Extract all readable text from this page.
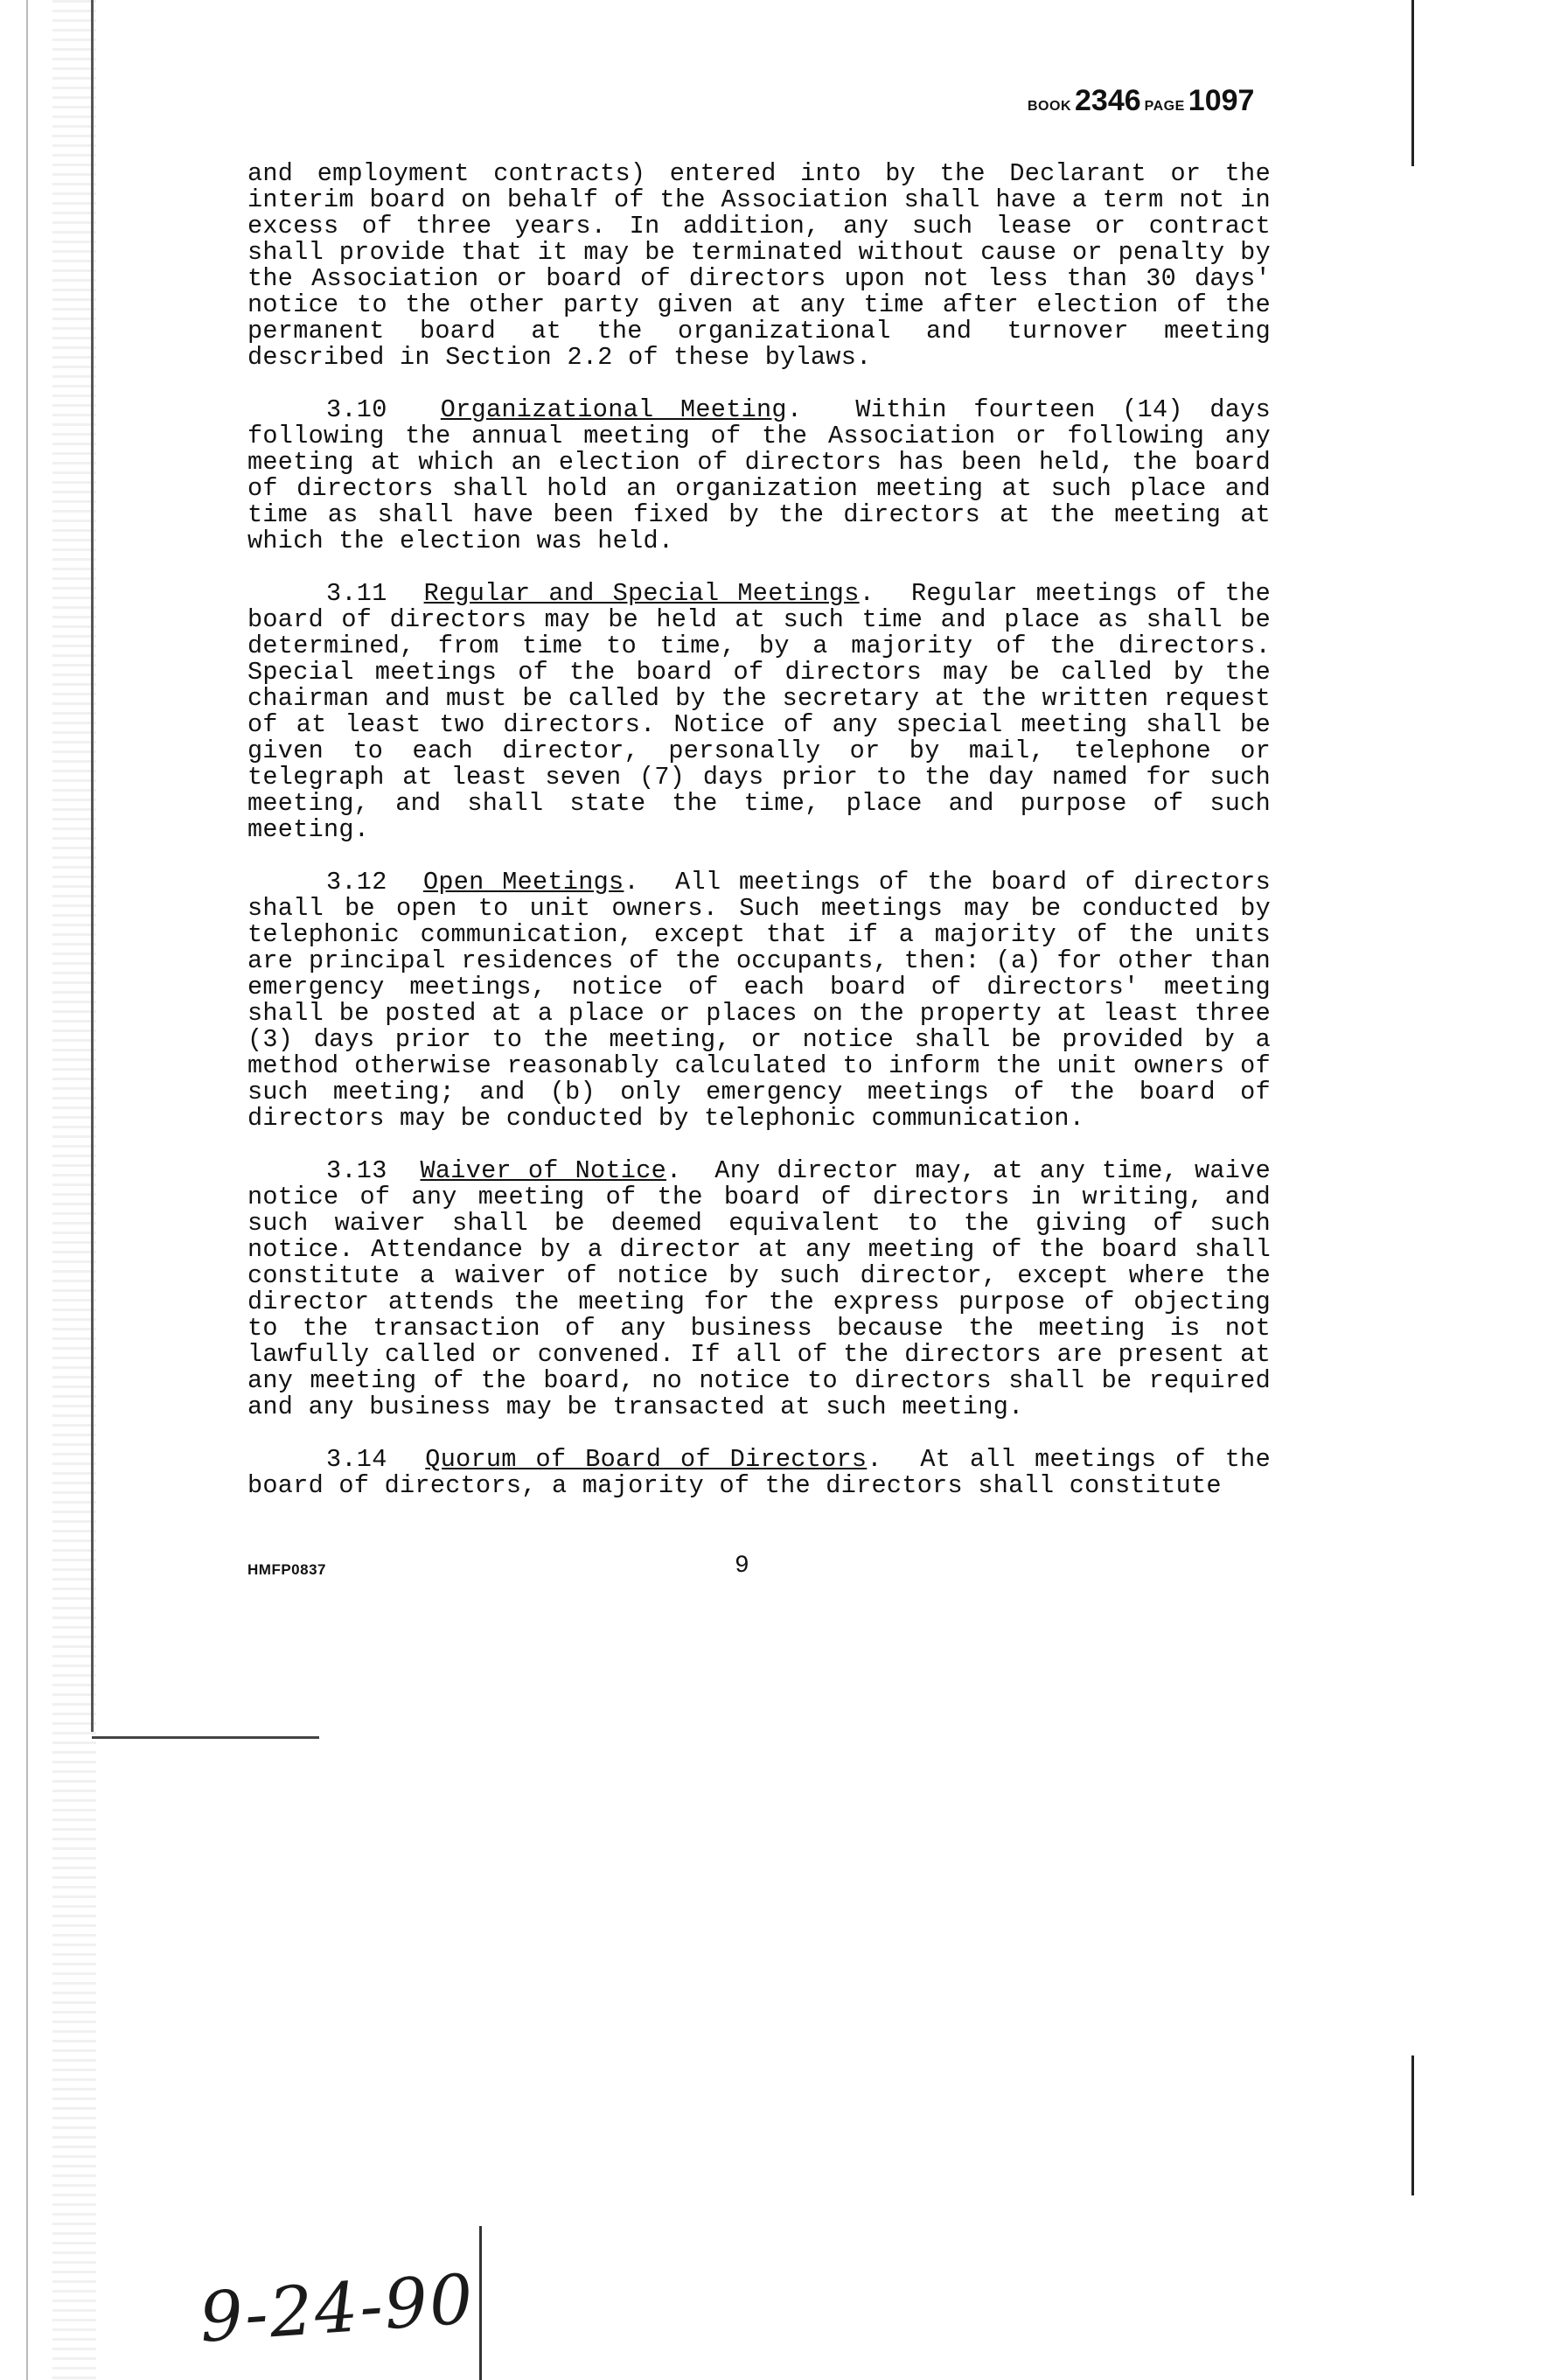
BOOK 2346 PAGE 1097

and employment contracts) entered into by the Declarant or the interim board on behalf of the Association shall have a term not in excess of three years. In addition, any such lease or contract shall provide that it may be terminated without cause or penalty by the Association or board of directors upon not less than 30 days' notice to the other party given at any time after election of the permanent board at the organizational and turnover meeting described in Section 2.2 of these bylaws.

3.10 Organizational Meeting.  Within fourteen (14) days following the annual meeting of the Association or following any meeting at which an election of directors has been held, the board of directors shall hold an organization meeting at such place and time as shall have been fixed by the directors at the meeting at which the election was held.

3.11 Regular and Special Meetings.  Regular meetings of the board of directors may be held at such time and place as shall be determined, from time to time, by a majority of the directors. Special meetings of the board of directors may be called by the chairman and must be called by the secretary at the written request of at least two directors. Notice of any special meeting shall be given to each director, personally or by mail, telephone or telegraph at least seven (7) days prior to the day named for such meeting, and shall state the time, place and purpose of such meeting.

3.12 Open Meetings.  All meetings of the board of directors shall be open to unit owners. Such meetings may be conducted by telephonic communication, except that if a majority of the units are principal residences of the occupants, then: (a) for other than emergency meetings, notice of each board of directors' meeting shall be posted at a place or places on the property at least three (3) days prior to the meeting, or notice shall be provided by a method otherwise reasonably calculated to inform the unit owners of such meeting; and (b) only emergency meetings of the board of directors may be conducted by telephonic communication.

3.13 Waiver of Notice.  Any director may, at any time, waive notice of any meeting of the board of directors in writing, and such waiver shall be deemed equivalent to the giving of such notice. Attendance by a director at any meeting of the board shall constitute a waiver of notice by such director, except where the director attends the meeting for the express purpose of objecting to the transaction of any business because the meeting is not lawfully called or convened. If all of the directors are present at any meeting of the board, no notice to directors shall be required and any business may be transacted at such meeting.

3.14 Quorum of Board of Directors.  At all meetings of the board of directors, a majority of the directors shall constitute

HMFP0837	9
9-24-90
